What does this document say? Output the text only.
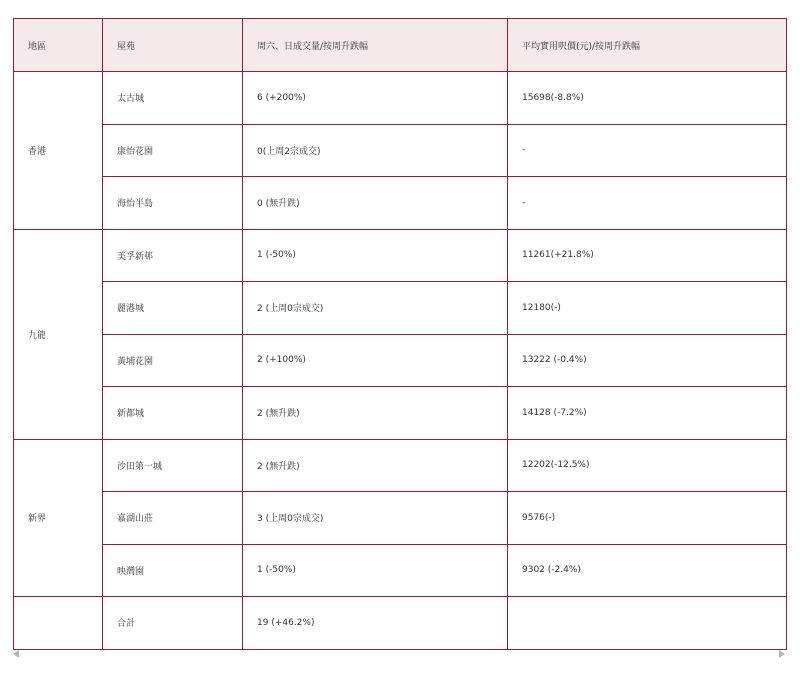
地區	屋苑	周六、日成交量/按周升跌幅	平均實用呎價(元)/按周升跌幅
香港	太古城	6 (+200%)	15698(-8.8%)
	康怡花園	0(上周2宗成交)	-
	海怡半島	0 (無升跌)	-
九龍	美孚新邨	1 (-50%)	11261(+21.8%)
	麗港城	2 (上周0宗成交)	12180(-)
	黃埔花園	2 (+100%)	13222 (-0.4%)
	新都城	2 (無升跌)	14128 (-7.2%)
新界	沙田第一城	2 (無升跌)	12202(-12.5%)
	嘉湖山莊	3 (上周0宗成交)	9576(-)
	映灣園	1 (-50%)	9302 (-2.4%)
	合計	19 (+46.2%)	
